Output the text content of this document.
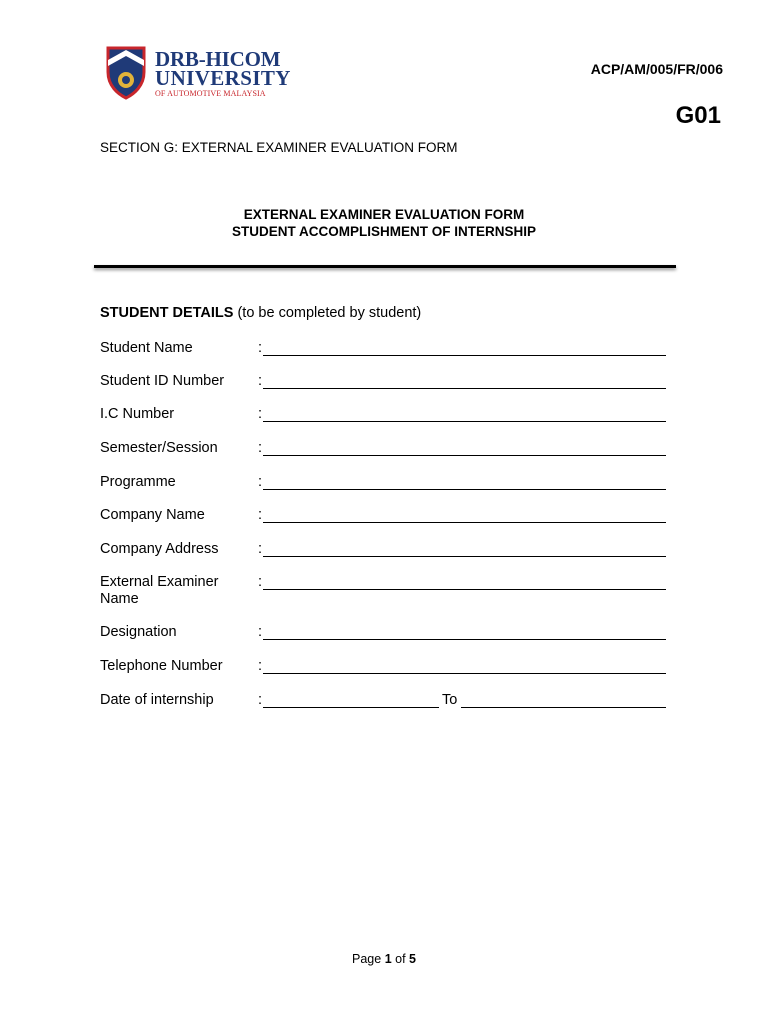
DRB-HICOM
UNIVERSITY
OF AUTOMOTIVE MALAYSIA
ACP/AM/005/FR/006
G01
SECTION G: EXTERNAL EXAMINER EVALUATION FORM
EXTERNAL EXAMINER EVALUATION FORM
STUDENT ACCOMPLISHMENT OF INTERNSHIP
STUDENT DETAILS (to be completed by student)
Student Name	:
Student ID Number	:
I.C Number	:
Semester/Session	:
Programme	:
Company Name	:
Company Address	:
External Examiner
Name
:
Designation	:
Telephone Number	:
Date of internship	:	To
Page 1 of 5
